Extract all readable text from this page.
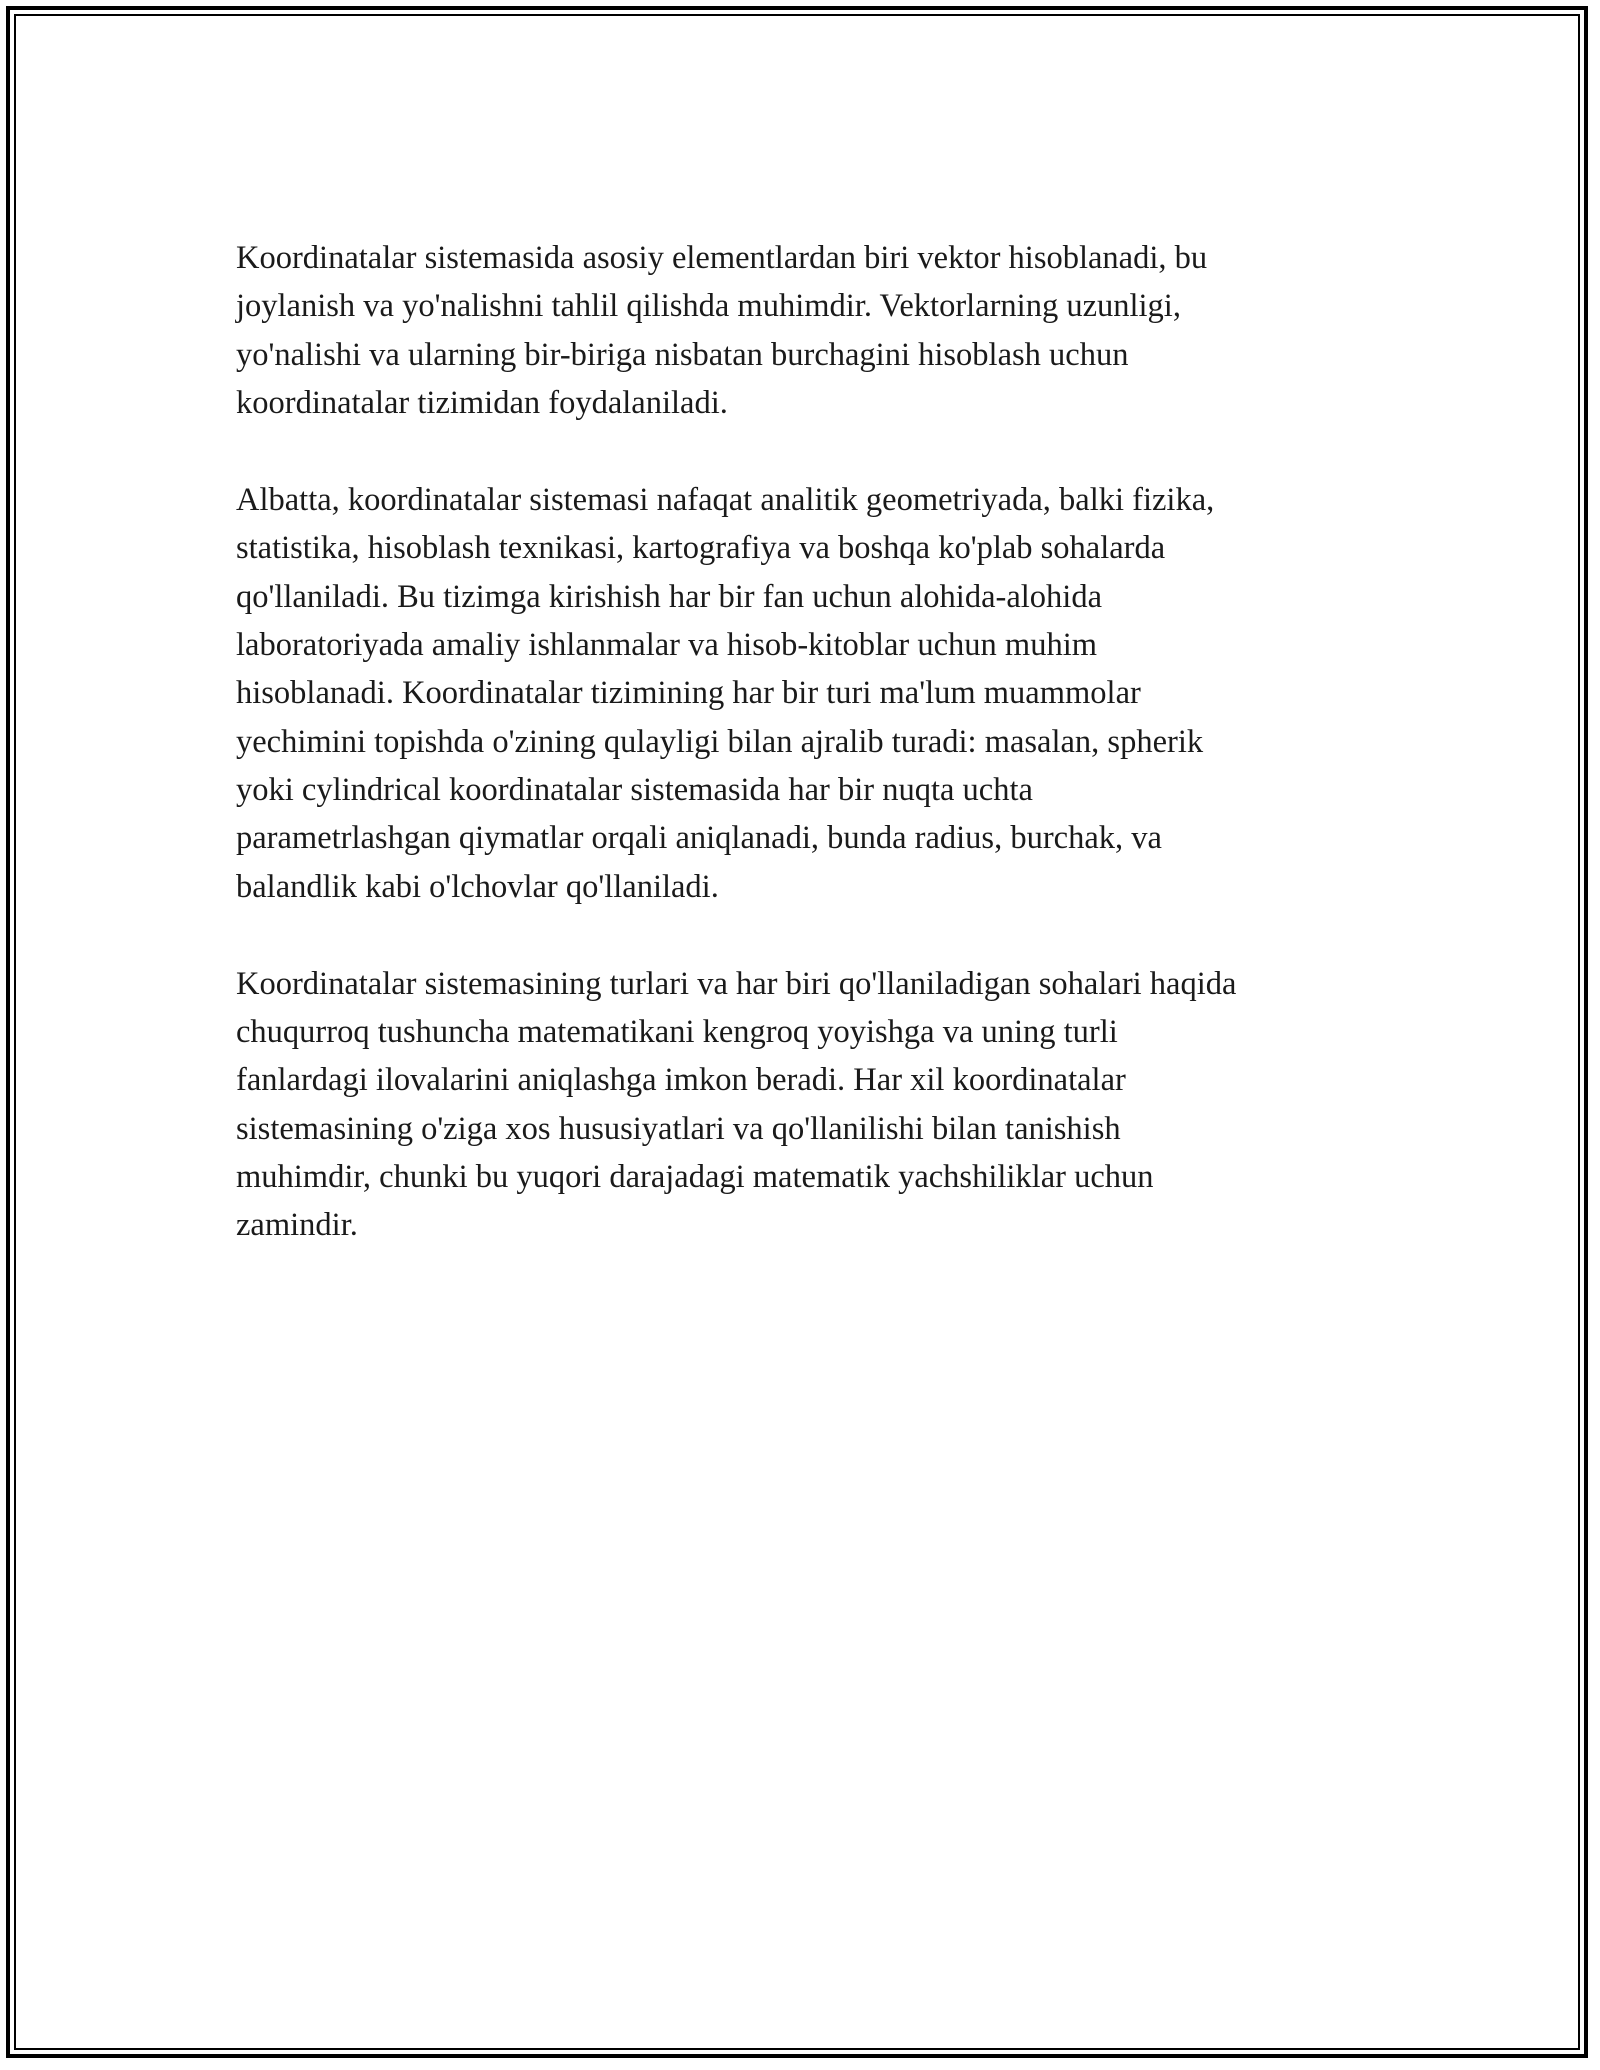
Koordinatalar sistemasida asosiy elementlardan biri vektor hisoblanadi, bu
joylanish va yo'nalishni tahlil qilishda muhimdir. Vektorlarning uzunligi,
yo'nalishi va ularning bir-biriga nisbatan burchagini hisoblash uchun
koordinatalar tizimidan foydalaniladi.

Albatta, koordinatalar sistemasi nafaqat analitik geometriyada, balki fizika,
statistika, hisoblash texnikasi, kartografiya va boshqa ko'plab sohalarda
qo'llaniladi. Bu tizimga kirishish har bir fan uchun alohida-alohida
laboratoriyada amaliy ishlanmalar va hisob-kitoblar uchun muhim
hisoblanadi. Koordinatalar tizimining har bir turi ma'lum muammolar
yechimini topishda o'zining qulayligi bilan ajralib turadi: masalan, spherik
yoki cylindrical koordinatalar sistemasida har bir nuqta uchta
parametrlashgan qiymatlar orqali aniqlanadi, bunda radius, burchak, va
balandlik kabi o'lchovlar qo'llaniladi.

Koordinatalar sistemasining turlari va har biri qo'llaniladigan sohalari haqida
chuqurroq tushuncha matematikani kengroq yoyishga va uning turli
fanlardagi ilovalarini aniqlashga imkon beradi. Har xil koordinatalar
sistemasining o'ziga xos hususiyatlari va qo'llanilishi bilan tanishish
muhimdir, chunki bu yuqori darajadagi matematik yachshiliklar uchun
zamindir.
